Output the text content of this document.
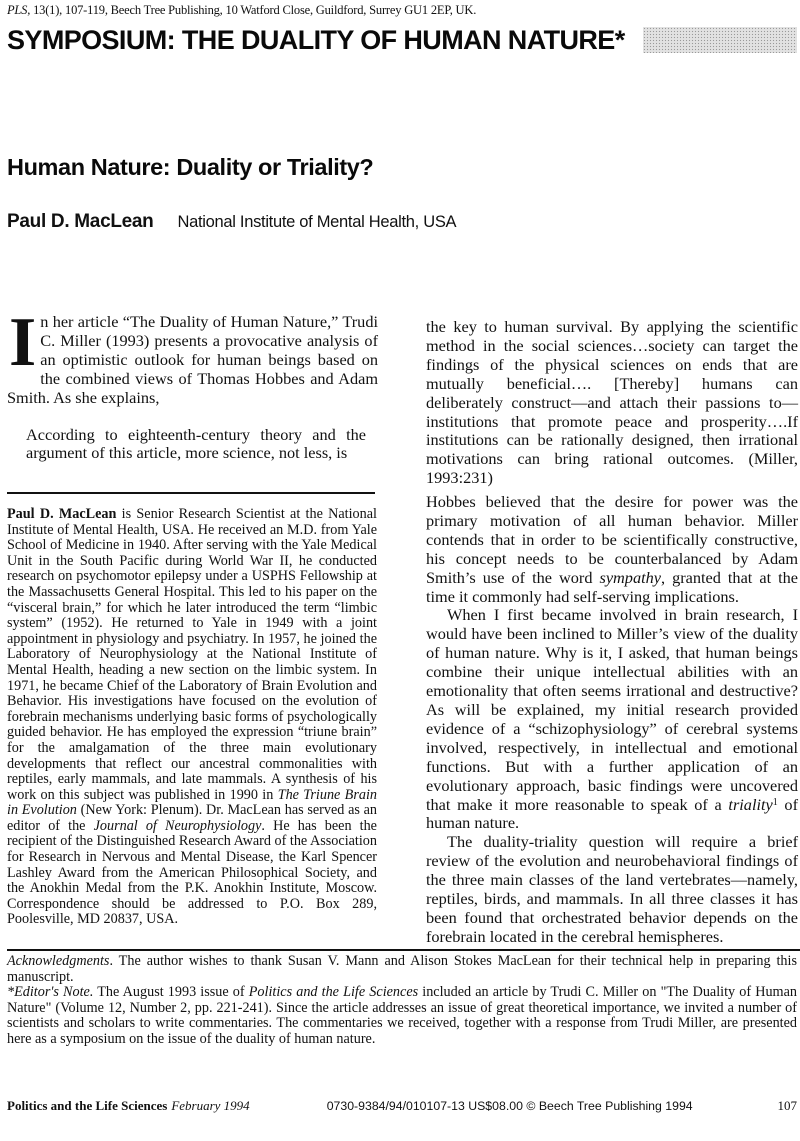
PLS, 13(1), 107-119, Beech Tree Publishing, 10 Watford Close, Guildford, Surrey GU1 2EP, UK.
SYMPOSIUM: THE DUALITY OF HUMAN NATURE*
Human Nature: Duality or Triality?
Paul D. MacLean National Institute of Mental Health, USA

In her article “The Duality of Human Nature,” Trudi C. Miller (1993) presents a provocative analysis of an optimistic outlook for human beings based on the combined views of Thomas Hobbes and Adam Smith. As she explains,

According to eighteenth-century theory and the argument of this article, more science, not less, is

the key to human survival. By applying the scientific method in the social sciences…society can target the findings of the physical sciences on ends that are mutually beneficial…. [Thereby] humans can deliberately construct—and attach their passions to—institutions that promote peace and prosperity….If institutions can be rationally designed, then irrational motivations can bring rational outcomes. (Miller, 1993:231)

Paul D. MacLean is Senior Research Scientist at the National Institute of Mental Health, USA. He received an M.D. from Yale School of Medicine in 1940. After serving with the Yale Medical Unit in the South Pacific during World War II, he conducted research on psychomotor epilepsy under a USPHS Fellowship at the Massachusetts General Hospital. This led to his paper on the “visceral brain,” for which he later introduced the term “limbic system” (1952). He returned to Yale in 1949 with a joint appointment in physiology and psychiatry. In 1957, he joined the Laboratory of Neurophysiology at the National Institute of Mental Health, heading a new section on the limbic system. In 1971, he became Chief of the Laboratory of Brain Evolution and Behavior. His investigations have focused on the evolution of forebrain mechanisms underlying basic forms of psychologically guided behavior. He has employed the expression “triune brain” for the amalgamation of the three main evolutionary developments that reflect our ancestral commonalities with reptiles, early mammals, and late mammals. A synthesis of his work on this subject was published in 1990 in The Triune Brain in Evolution (New York: Plenum). Dr. MacLean has served as an editor of the Journal of Neurophysiology. He has been the recipient of the Distinguished Research Award of the Association for Research in Nervous and Mental Disease, the Karl Spencer Lashley Award from the American Philosophical Society, and the Anokhin Medal from the P.K. Anokhin Institute, Moscow. Correspondence should be addressed to P.O. Box 289, Poolesville, MD 20837, USA.

Hobbes believed that the desire for power was the primary motivation of all human behavior. Miller contends that in order to be scientifically constructive, his concept needs to be counterbalanced by Adam Smith’s use of the word sympathy, granted that at the time it commonly had self-serving implications.

When I first became involved in brain research, I would have been inclined to Miller’s view of the duality of human nature. Why is it, I asked, that human beings combine their unique intellectual abilities with an emotionality that often seems irrational and destructive? As will be explained, my initial research provided evidence of a “schizophysiology” of cerebral systems involved, respectively, in intellectual and emotional functions. But with a further application of an evolutionary approach, basic findings were uncovered that make it more reasonable to speak of a triality$^1$ of human nature.

The duality-triality question will require a brief review of the evolution and neurobehavioral findings of the three main classes of the land vertebrates—namely, reptiles, birds, and mammals. In all three classes it has been found that orchestrated behavior depends on the forebrain located in the cerebral hemispheres.

Acknowledgments. The author wishes to thank Susan V. Mann and Alison Stokes MacLean for their technical help in preparing this manuscript.

*Editor's Note. The August 1993 issue of Politics and the Life Sciences included an article by Trudi C. Miller on "The Duality of Human Nature" (Volume 12, Number 2, pp. 221-241). Since the article addresses an issue of great theoretical importance, we invited a number of scientists and scholars to write commentaries. The commentaries we received, together with a response from Trudi Miller, are presented here as a symposium on the issue of the duality of human nature.

Politics and the Life Sciences February 1994	0730-9384/94/010107-13 US$08.00 © Beech Tree Publishing 1994	107
